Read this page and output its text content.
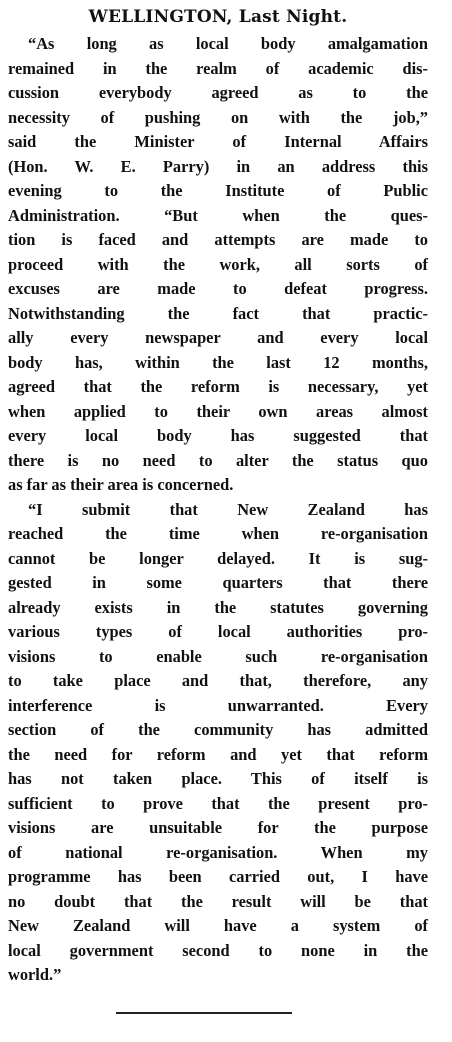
WELLINGTON, Last Night.

“As long as local body amalgamation
remained in the realm of academic dis-
cussion everybody agreed as to the
necessity of pushing on with the job,”
said the Minister of Internal Affairs
(Hon. W. E. Parry) in an address this
evening to the Institute of Public
Administration. “But when the ques-
tion is faced and attempts are made to
proceed with the work, all sorts of
excuses are made to defeat progress.
Notwithstanding the fact that practic-
ally every newspaper and every local
body has, within the last 12 months,
agreed that the reform is necessary, yet
when applied to their own areas almost
every local body has suggested that
there is no need to alter the status quo
as far as their area is concerned.

“I submit that New Zealand has
reached the time when re-organisation
cannot be longer delayed. It is sug-
gested in some quarters that there
already exists in the statutes governing
various types of local authorities pro-
visions to enable such re-organisation
to take place and that, therefore, any
interference is unwarranted. Every
section of the community has admitted
the need for reform and yet that reform
has not taken place. This of itself is
sufficient to prove that the present pro-
visions are unsuitable for the purpose
of national re-organisation. When my
programme has been carried out, I have
no doubt that the result will be that
New Zealand will have a system of
local government second to none in the
world.”
